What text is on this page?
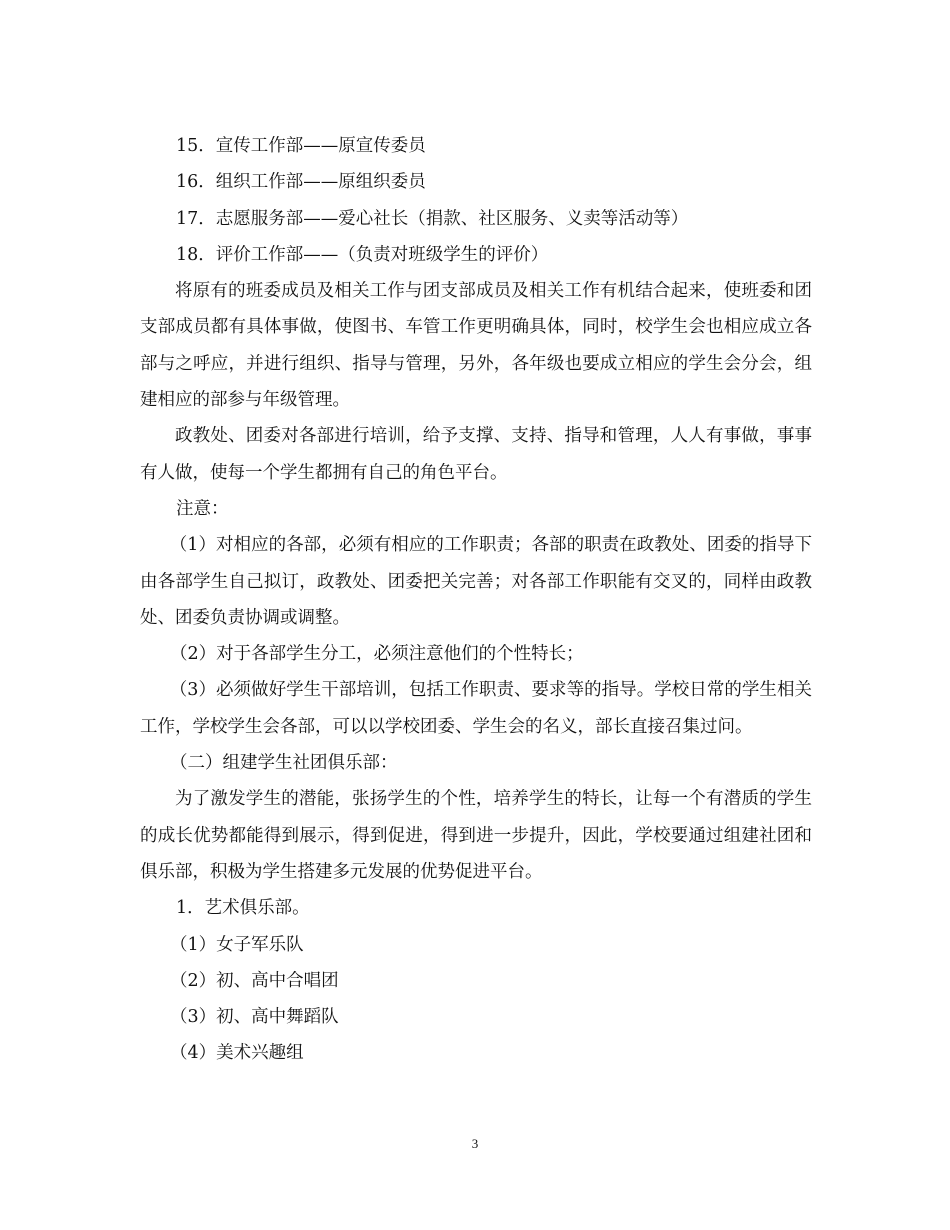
15．宣传工作部——原宣传委员
16．组织工作部——原组织委员
17．志愿服务部——爱心社长（捐款、社区服务、义卖等活动等）
18．评价工作部——（负责对班级学生的评价）

将原有的班委成员及相关工作与团支部成员及相关工作有机结合起来，使班委和团支部成员都有具体事做，使图书、车管工作更明确具体，同时，校学生会也相应成立各部与之呼应，并进行组织、指导与管理，另外，各年级也要成立相应的学生会分会，组建相应的部参与年级管理。

政教处、团委对各部进行培训，给予支撑、支持、指导和管理，人人有事做，事事有人做，使每一个学生都拥有自己的角色平台。

注意：

（1）对相应的各部，必须有相应的工作职责；各部的职责在政教处、团委的指导下由各部学生自己拟订，政教处、团委把关完善；对各部工作职能有交叉的，同样由政教处、团委负责协调或调整。

（2）对于各部学生分工，必须注意他们的个性特长；

（3）必须做好学生干部培训，包括工作职责、要求等的指导。学校日常的学生相关工作，学校学生会各部，可以以学校团委、学生会的名义，部长直接召集过问。

（二）组建学生社团俱乐部：

为了激发学生的潜能，张扬学生的个性，培养学生的特长，让每一个有潜质的学生的成长优势都能得到展示，得到促进，得到进一步提升，因此，学校要通过组建社团和俱乐部，积极为学生搭建多元发展的优势促进平台。

1．艺术俱乐部。
（1）女子军乐队
（2）初、高中合唱团
（3）初、高中舞蹈队
（4）美术兴趣组
3
